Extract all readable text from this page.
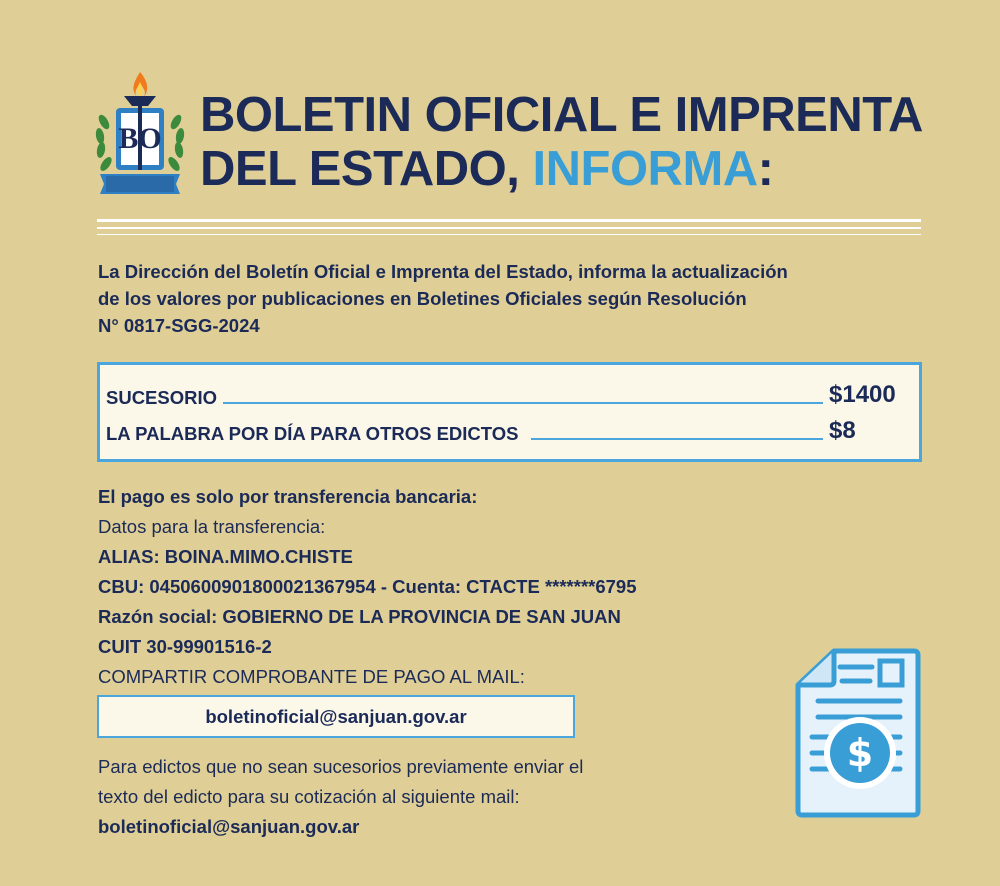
BO BOLETIN OFICIAL E IMPRENTA
DEL ESTADO, INFORMA:
La Dirección del Boletín Oficial e Imprenta del Estado, informa la actualización
de los valores por publicaciones en Boletines Oficiales según Resolución
N° 0817-SGG-2024
SUCESORIO	$1400
LA PALABRA POR DÍA PARA OTROS EDICTOS	$8
El pago es solo por transferencia bancaria:
Datos para la transferencia:
ALIAS: BOINA.MIMO.CHISTE
CBU: 0450600901800021367954 - Cuenta: CTACTE *******6795
Razón social: GOBIERNO DE LA PROVINCIA DE SAN JUAN
CUIT 30-99901516-2
COMPARTIR COMPROBANTE DE PAGO AL MAIL:
boletinoficial@sanjuan.gov.ar
Para edictos que no sean sucesorios previamente enviar el
texto del edicto para su cotización al siguiente mail:
boletinoficial@sanjuan.gov.ar
$
